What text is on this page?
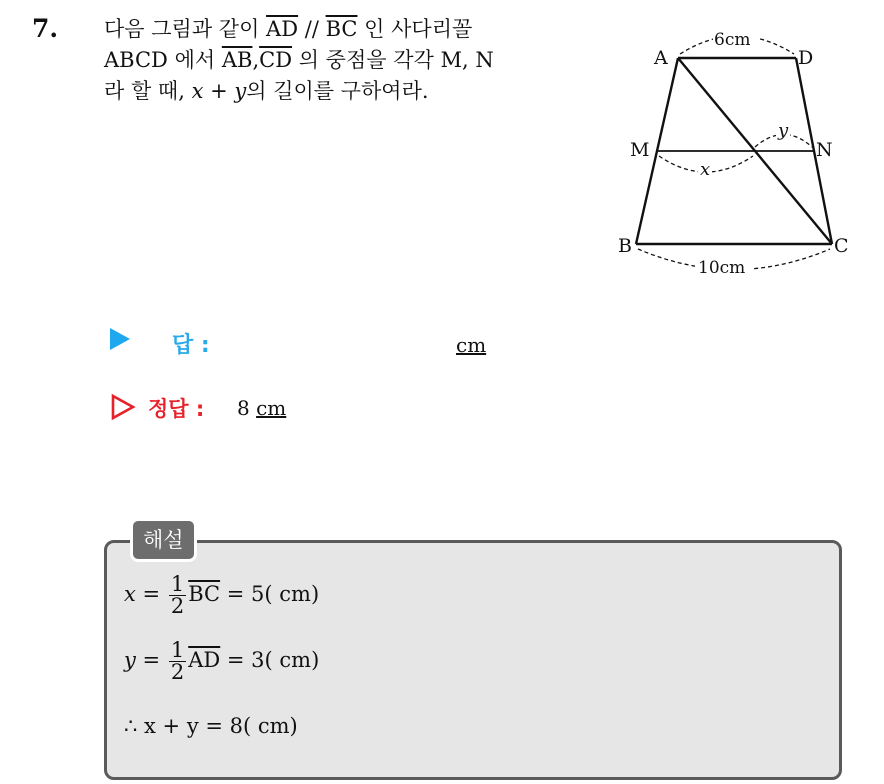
7. 다음 그림과 같이 $\overline{AD} // \overline{BC}$ 인 사다리꼴
ABCD 에서 $\overline{AB},\overline{CD}$ 의 중점을 각각 M, N
라 할 때, x + y의 길이를 구하여라.
A	D
M	N
B	C
6cm
10cm
x
y
답 :	cm
정답 : 8 cm
해설
$x = \frac{1}{2} \overline{BC} = 5$( cm)
$y = \frac{1}{2} \overline{AD} = 3$( cm)
∴ x + y = 8( cm)
